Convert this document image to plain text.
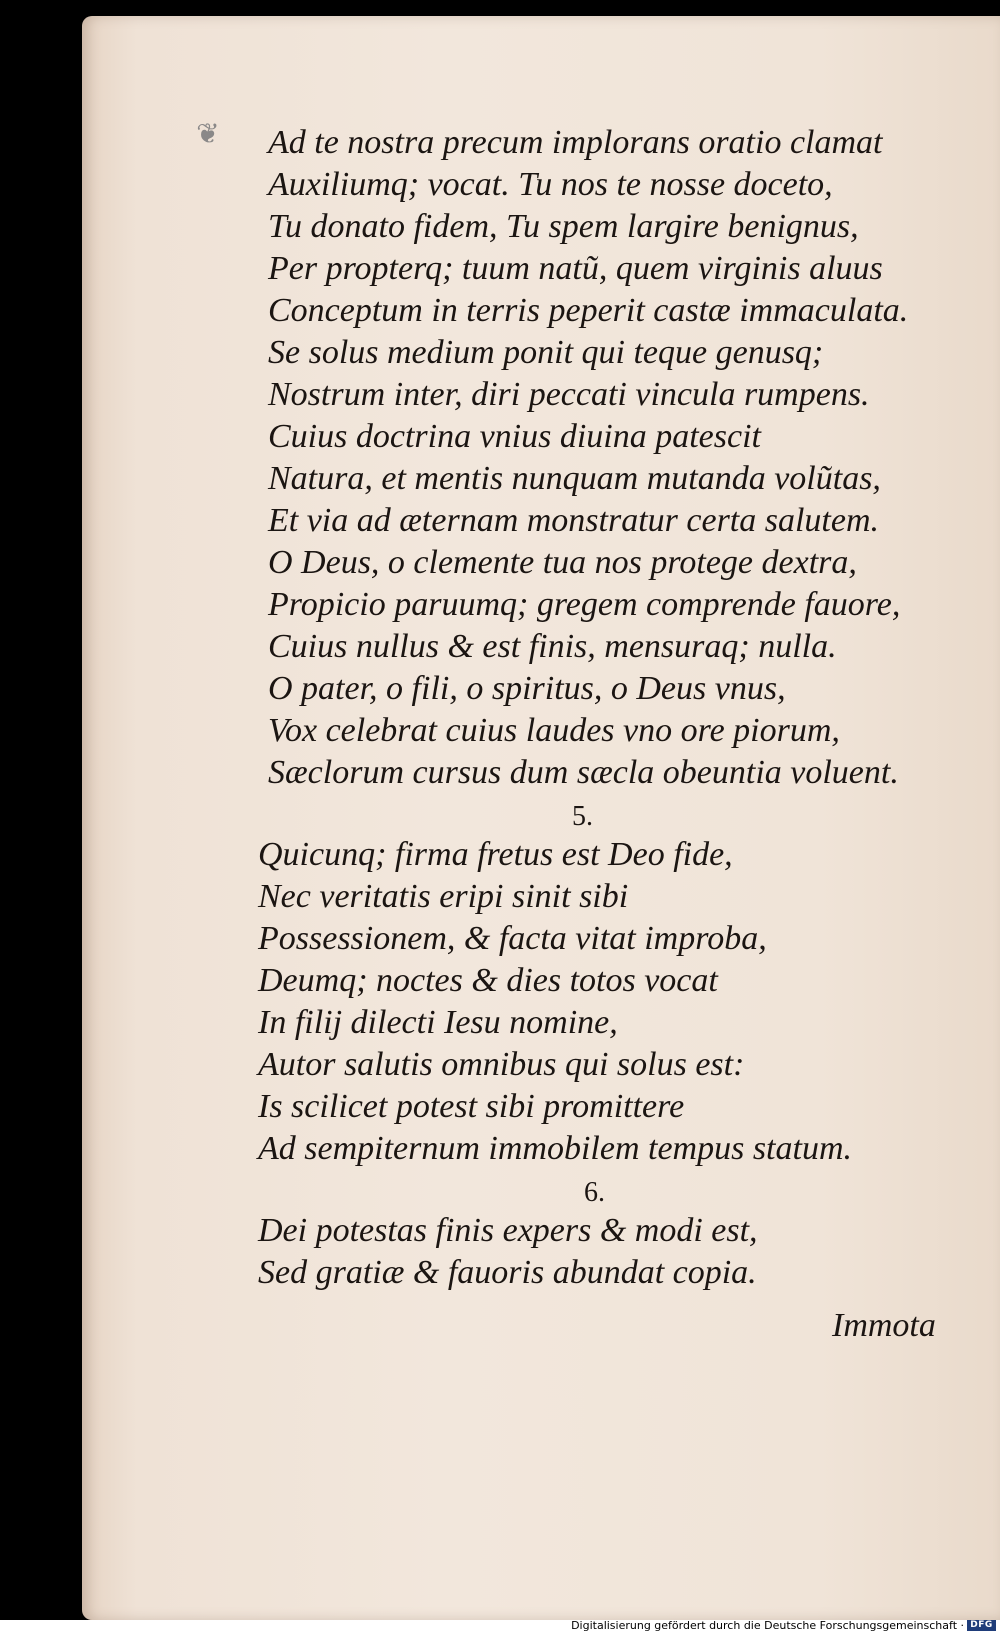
❦ Ad te nostra precum implorans oratio clamat
Auxiliumq; vocat. Tu nos te nosse doceto,
Tu donato fidem, Tu spem largire benignus,
Per propterq; tuum natũ, quem virginis aluus
Conceptum in terris peperit castæ immaculata.
Se solus medium ponit qui teque genusq;
Nostrum inter, diri peccati vincula rumpens.
Cuius doctrina vnius diuina patescit
Natura, et mentis nunquam mutanda volũtas,
Et via ad æternam monstratur certa salutem.
O Deus, o clemente tua nos protege dextra,
Propicio paruumq; gregem comprende fauore,
Cuius nullus & est finis, mensuraq; nulla.
O pater, o fili, o spiritus, o Deus vnus,
Vox celebrat cuius laudes vno ore piorum,
Sæclorum cursus dum sæcla obeuntia voluent.
5.
Quicunq; firma fretus est Deo fide,
Nec veritatis eripi sinit sibi
Possessionem, & facta vitat improba,
Deumq; noctes & dies totos vocat
In filij dilecti Iesu nomine,
Autor salutis omnibus qui solus est:
Is scilicet potest sibi promittere
Ad sempiternum immobilem tempus statum.
6.
Dei potestas finis expers & modi est,
Sed gratiæ & fauoris abundat copia.
Immota
Digitalisierung gefördert durch die Deutsche Forschungsgemeinschaft · DFG
